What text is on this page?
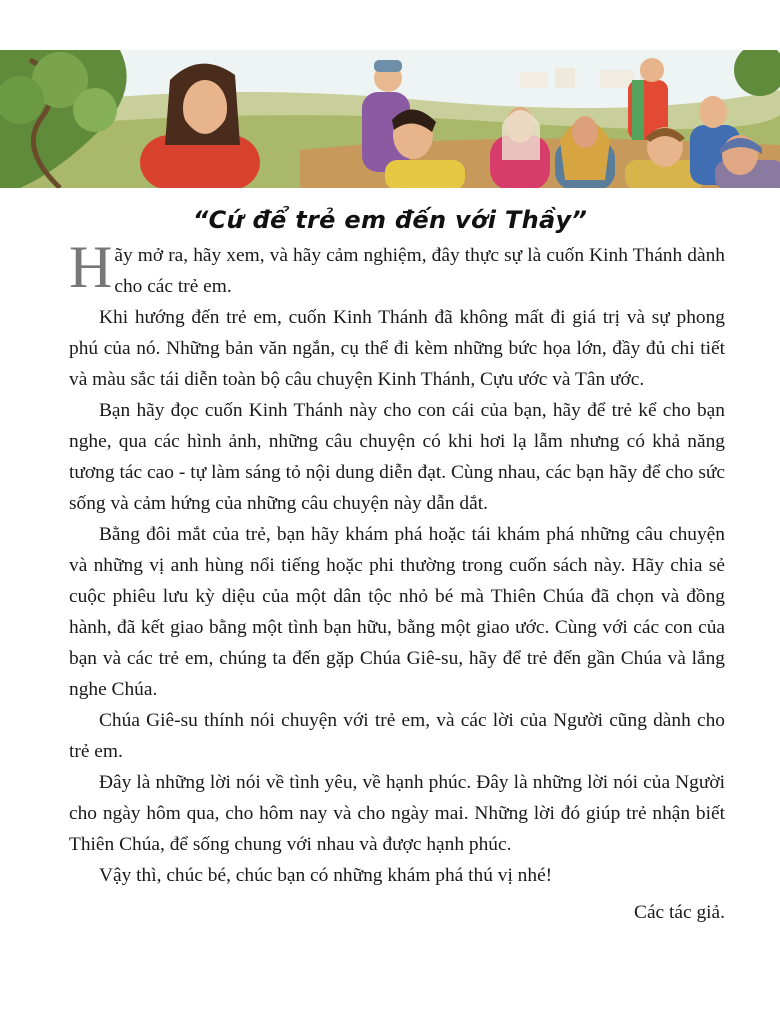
“Cứ để trẻ em đến với Thầy”

Hãy mở ra, hãy xem, và hãy cảm nghiệm, đây thực sự là cuốn Kinh Thánh dành cho các trẻ em.

Khi hướng đến trẻ em, cuốn Kinh Thánh đã không mất đi giá trị và sự phong phú của nó. Những bản văn ngắn, cụ thể đi kèm những bức họa lớn, đầy đủ chi tiết và màu sắc tái diễn toàn bộ câu chuyện Kinh Thánh, Cựu ước và Tân ước.

Bạn hãy đọc cuốn Kinh Thánh này cho con cái của bạn, hãy để trẻ kể cho bạn nghe, qua các hình ảnh, những câu chuyện có khi hơi lạ lẫm nhưng có khả năng tương tác cao - tự làm sáng tỏ nội dung diễn đạt. Cùng nhau, các bạn hãy để cho sức sống và cảm hứng của những câu chuyện này dẫn dắt.

Bằng đôi mắt của trẻ, bạn hãy khám phá hoặc tái khám phá những câu chuyện và những vị anh hùng nổi tiếng hoặc phi thường trong cuốn sách này. Hãy chia sẻ cuộc phiêu lưu kỳ diệu của một dân tộc nhỏ bé mà Thiên Chúa đã chọn và đồng hành, đã kết giao bằng một tình bạn hữu, bằng một giao ước. Cùng với các con của bạn và các trẻ em, chúng ta đến gặp Chúa Giê-su, hãy để trẻ đến gần Chúa và lắng nghe Chúa.

Chúa Giê-su thính nói chuyện với trẻ em, và các lời của Người cũng dành cho trẻ em.

Đây là những lời nói về tình yêu, về hạnh phúc. Đây là những lời nói của Người cho ngày hôm qua, cho hôm nay và cho ngày mai. Những lời đó giúp trẻ nhận biết Thiên Chúa, để sống chung với nhau và được hạnh phúc.

Vậy thì, chúc bé, chúc bạn có những khám phá thú vị nhé!

Các tác giả.
